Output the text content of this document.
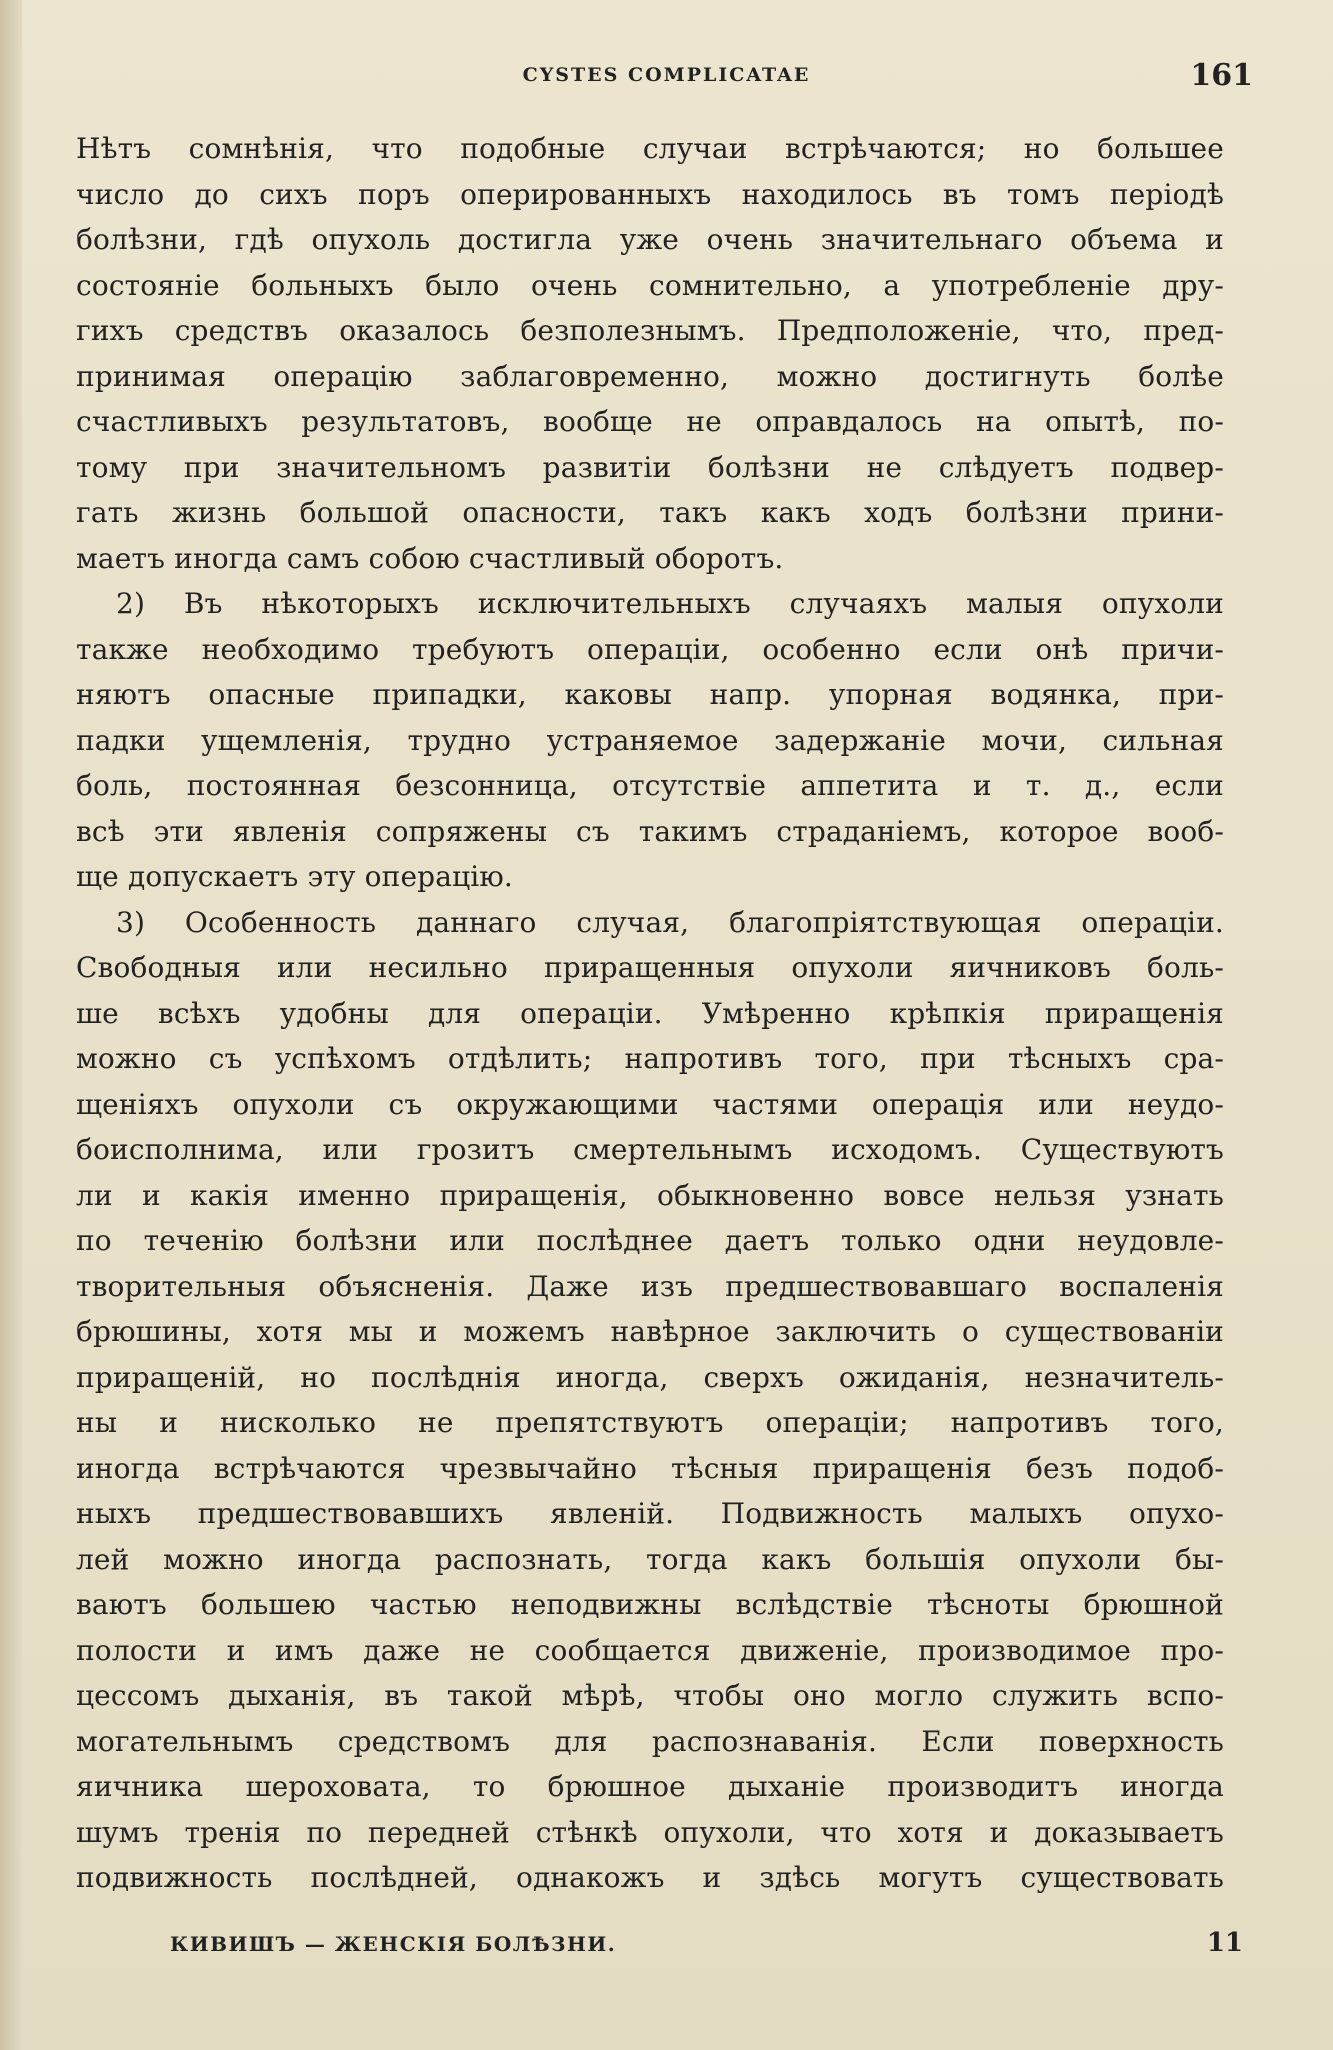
CYSTES COMPLICATAE	161
Нѣтъ сомнѣнія, что подобные случаи встрѣчаются; но большее
число до сихъ поръ оперированныхъ находилось въ томъ періодѣ
болѣзни, гдѣ опухоль достигла уже очень значительнаго объема и
состояніе больныхъ было очень сомнительно, а употребленіе дру-
гихъ средствъ оказалось безполезнымъ. Предположеніе, что, пред-
принимая операцію заблаговременно, можно достигнуть болѣе
счастливыхъ результатовъ, вообще не оправдалось на опытѣ, по-
тому при значительномъ развитіи болѣзни не слѣдуетъ подвер-
гать жизнь большой опасности, такъ какъ ходъ болѣзни прини-
маетъ иногда самъ собою счастливый оборотъ.
2) Въ нѣкоторыхъ исключительныхъ случаяхъ малыя опухоли
также необходимо требуютъ операціи, особенно если онѣ причи-
няютъ опасные припадки, каковы напр. упорная водянка, при-
падки ущемленія, трудно устраняемое задержаніе мочи, сильная
боль, постоянная безсонница, отсутствіе аппетита и т. д., если
всѣ эти явленія сопряжены съ такимъ страданіемъ, которое вооб-
ще допускаетъ эту операцію.
3) Особенность даннаго случая, благопріятствующая операціи.
Свободныя или несильно приращенныя опухоли яичниковъ боль-
ше всѣхъ удобны для операціи. Умѣренно крѣпкія приращенія
можно съ успѣхомъ отдѣлить; напротивъ того, при тѣсныхъ сра-
щеніяхъ опухоли съ окружающими частями операція или неудо-
боисполнима, или грозитъ смертельнымъ исходомъ. Существуютъ
ли и какія именно приращенія, обыкновенно вовсе нельзя узнать
по теченію болѣзни или послѣднее даетъ только одни неудовле-
творительныя объясненія. Даже изъ предшествовавшаго воспаленія
брюшины, хотя мы и можемъ навѣрное заключить о существованіи
приращеній, но послѣднія иногда, сверхъ ожиданія, незначитель-
ны и нисколько не препятствуютъ операціи; напротивъ того,
иногда встрѣчаются чрезвычайно тѣсныя приращенія безъ подоб-
ныхъ предшествовавшихъ явленій. Подвижность малыхъ опухо-
лей можно иногда распознать, тогда какъ большія опухоли бы-
ваютъ большею частью неподвижны вслѣдствіе тѣсноты брюшной
полости и имъ даже не сообщается движеніе, производимое про-
цессомъ дыханія, въ такой мѣрѣ, чтобы оно могло служить вспо-
могательнымъ средствомъ для распознаванія. Если поверхность
яичника шероховата, то брюшное дыханіе производитъ иногда
шумъ тренія по передней стѣнкѣ опухоли, что хотя и доказываетъ
подвижность послѣдней, однакожъ и здѣсь могутъ существовать
КИВИШЪ — ЖЕНСКІЯ БОЛѢЗНИ.	11
